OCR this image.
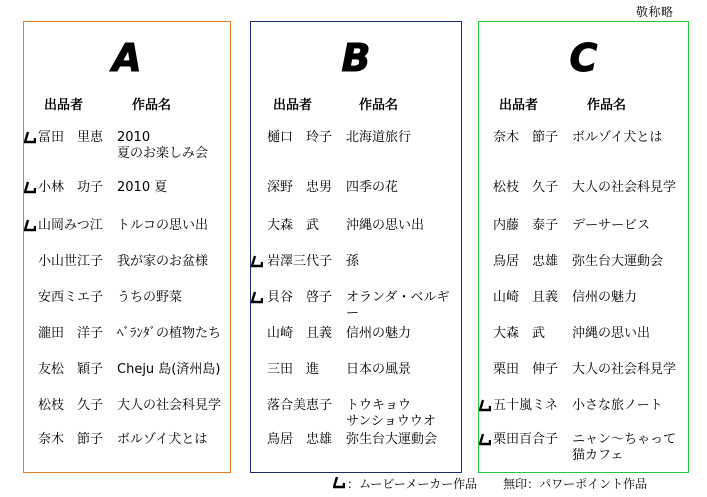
敬称略
A
出品者	作品名
冨田　里恵 2010
夏のお楽しみ会
小林　功子 2010 夏
山岡みつ江 トルコの思い出
小山世江子 我が家のお盆様
安西ミエ子 うちの野菜
瀧田　洋子 ﾍﾞﾗﾝﾀﾞの植物たち
友松　穎子 Cheju 島(済州島)
松枝　久子 大人の社会科見学
奈木　節子 ボルゾイ犬とは
B
出品者	作品名
樋口　玲子 北海道旅行
深野　忠男 四季の花
大森　武 沖縄の思い出
岩澤三代子 孫
貝谷　啓子 オランダ・ベルギー
山崎　且義 信州の魅力
三田　進 日本の風景
落合美恵子 トウキョウ
サンショウウオ
鳥居　忠雄 弥生台大運動会
C
出品者	作品名
奈木　節子 ボルゾイ犬とは
松枝　久子 大人の社会科見学
内藤　泰子 デーサービス
鳥居　忠雄 弥生台大運動会
山崎　且義 信州の魅力
大森　武 沖縄の思い出
栗田　伸子 大人の社会科見学
五十嵐ミネ 小さな旅ノート
栗田百合子 ニャン～ちゃって
猫カフェ
：ムービーメーカー作品 無印：パワーポイント作品
